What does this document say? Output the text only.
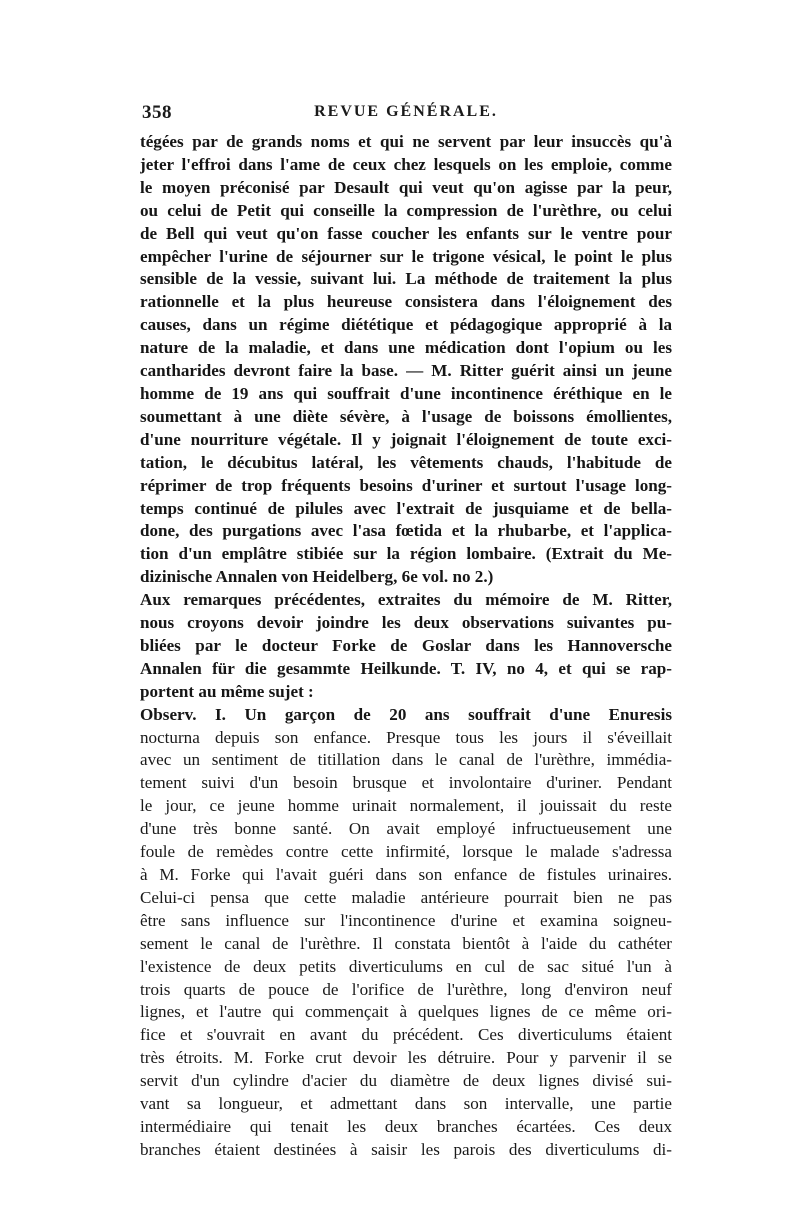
358	REVUE GÉNÉRALE.
tégées par de grands noms et qui ne servent par leur insuccès qu'à
jeter l'effroi dans l'ame de ceux chez lesquels on les emploie, comme
le moyen préconisé par Desault qui veut qu'on agisse par la peur,
ou celui de Petit qui conseille la compression de l'urèthre, ou celui
de Bell qui veut qu'on fasse coucher les enfants sur le ventre pour
empêcher l'urine de séjourner sur le trigone vésical, le point le plus
sensible de la vessie, suivant lui. La méthode de traitement la plus
rationnelle et la plus heureuse consistera dans l'éloignement des
causes, dans un régime diététique et pédagogique approprié à la
nature de la maladie, et dans une médication dont l'opium ou les
cantharides devront faire la base. — M. Ritter guérit ainsi un jeune
homme de 19 ans qui souffrait d'une incontinence éréthique en le
soumettant à une diète sévère, à l'usage de boissons émollientes,
d'une nourriture végétale. Il y joignait l'éloignement de toute exci-
tation, le décubitus latéral, les vêtements chauds, l'habitude de
réprimer de trop fréquents besoins d'uriner et surtout l'usage long-
temps continué de pilules avec l'extrait de jusquiame et de bella-
done, des purgations avec l'asa fœtida et la rhubarbe, et l'applica-
tion d'un emplâtre stibiée sur la région lombaire. (Extrait du Me-
dizinische Annalen von Heidelberg, 6e vol. no 2.)
Aux remarques précédentes, extraites du mémoire de M. Ritter,
nous croyons devoir joindre les deux observations suivantes pu-
bliées par le docteur Forke de Goslar dans les Hannoversche
Annalen für die gesammte Heilkunde. T. IV, no 4, et qui se rap-
portent au même sujet :
Observ. I. Un garçon de 20 ans souffrait d'une Enuresis
nocturna depuis son enfance. Presque tous les jours il s'éveillait
avec un sentiment de titillation dans le canal de l'urèthre, immédia-
tement suivi d'un besoin brusque et involontaire d'uriner. Pendant
le jour, ce jeune homme urinait normalement, il jouissait du reste
d'une très bonne santé. On avait employé infructueusement une
foule de remèdes contre cette infirmité, lorsque le malade s'adressa
à M. Forke qui l'avait guéri dans son enfance de fistules urinaires.
Celui-ci pensa que cette maladie antérieure pourrait bien ne pas
être sans influence sur l'incontinence d'urine et examina soigneu-
sement le canal de l'urèthre. Il constata bientôt à l'aide du cathéter
l'existence de deux petits diverticulums en cul de sac situé l'un à
trois quarts de pouce de l'orifice de l'urèthre, long d'environ neuf
lignes, et l'autre qui commençait à quelques lignes de ce même ori-
fice et s'ouvrait en avant du précédent. Ces diverticulums étaient
très étroits. M. Forke crut devoir les détruire. Pour y parvenir il se
servit d'un cylindre d'acier du diamètre de deux lignes divisé sui-
vant sa longueur, et admettant dans son intervalle, une partie
intermédiaire qui tenait les deux branches écartées. Ces deux
branches étaient destinées à saisir les parois des diverticulums di-
